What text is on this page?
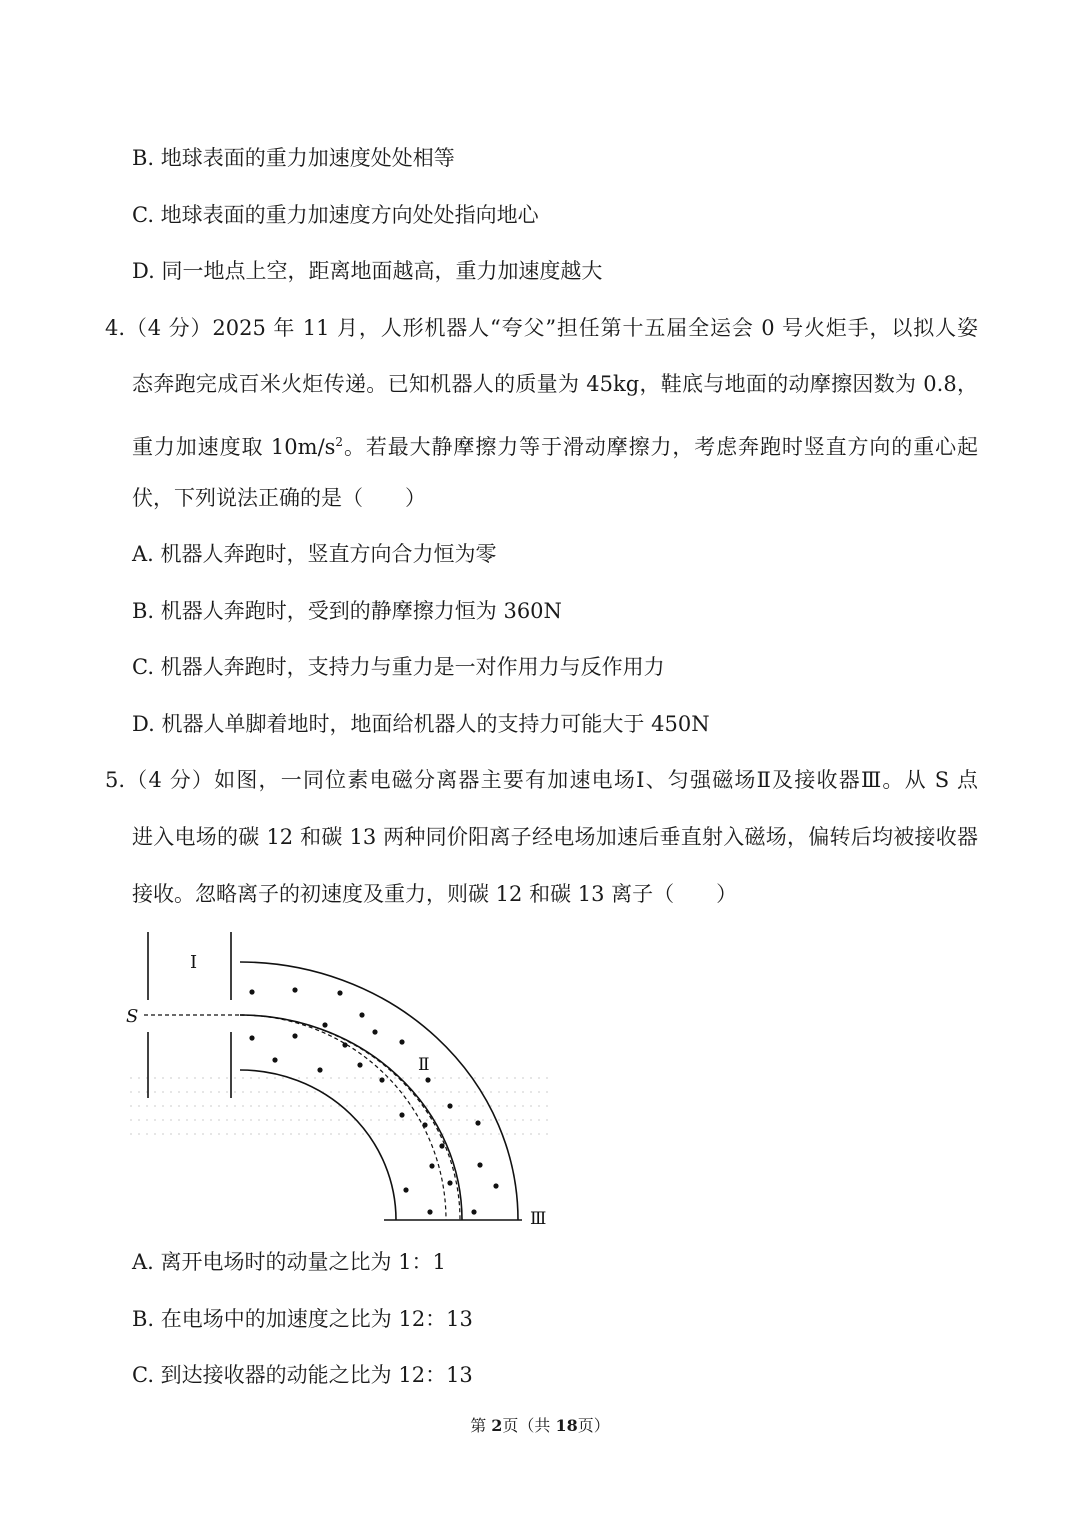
B. 地球表面的重力加速度处处相等
C. 地球表面的重力加速度方向处处指向地心
D. 同一地点上空，距离地面越高，重力加速度越大
4.（4 分）2025 年 11 月，人形机器人“夸父”担任第十五届全运会 0 号火炬手，以拟人姿
态奔跑完成百米火炬传递。已知机器人的质量为 45kg，鞋底与地面的动摩擦因数为 0.8，
重力加速度取 $10m/s^2$。若最大静摩擦力等于滑动摩擦力，考虑奔跑时竖直方向的重心起
伏，下列说法正确的是（　　）
A. 机器人奔跑时，竖直方向合力恒为零
B. 机器人奔跑时，受到的静摩擦力恒为 360N
C. 机器人奔跑时，支持力与重力是一对作用力与反作用力
D. 机器人单脚着地时，地面给机器人的支持力可能大于 450N
5.（4 分）如图，一同位素电磁分离器主要有加速电场Ⅰ、匀强磁场Ⅱ及接收器Ⅲ。从 S 点
进入电场的碳 12 和碳 13 两种同价阳离子经电场加速后垂直射入磁场，偏转后均被接收器
接收。忽略离子的初速度及重力，则碳 12 和碳 13 离子（　　）
I
S
Ⅱ
Ⅲ
A. 离开电场时的动量之比为 1：1
B. 在电场中的加速度之比为 12：13
C. 到达接收器的动能之比为 12：13
第 2页（共 18页）
